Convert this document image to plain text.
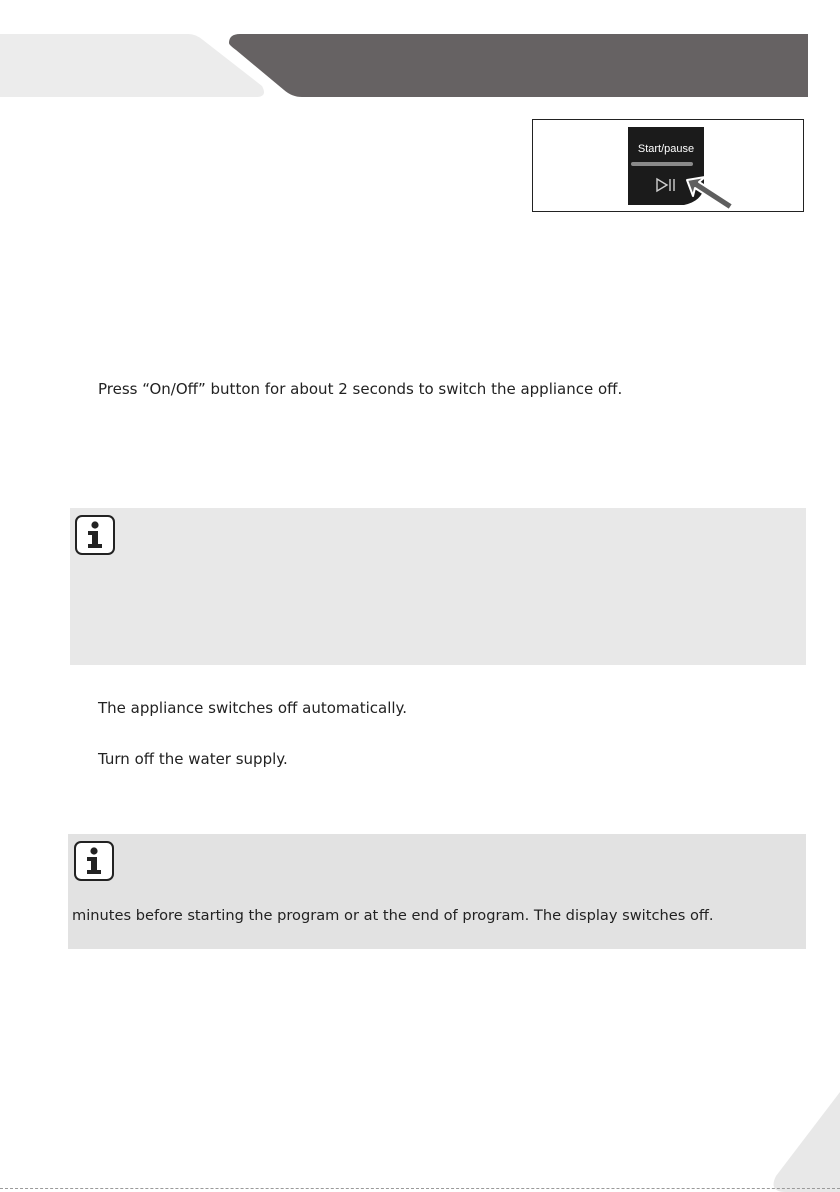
Start/pause

Press “On/Off” button for about 2 seconds to switch the appliance off.

The appliance switches off automatically.

Turn off the water supply.

minutes before starting the program or at the end of program. The display switches off.
